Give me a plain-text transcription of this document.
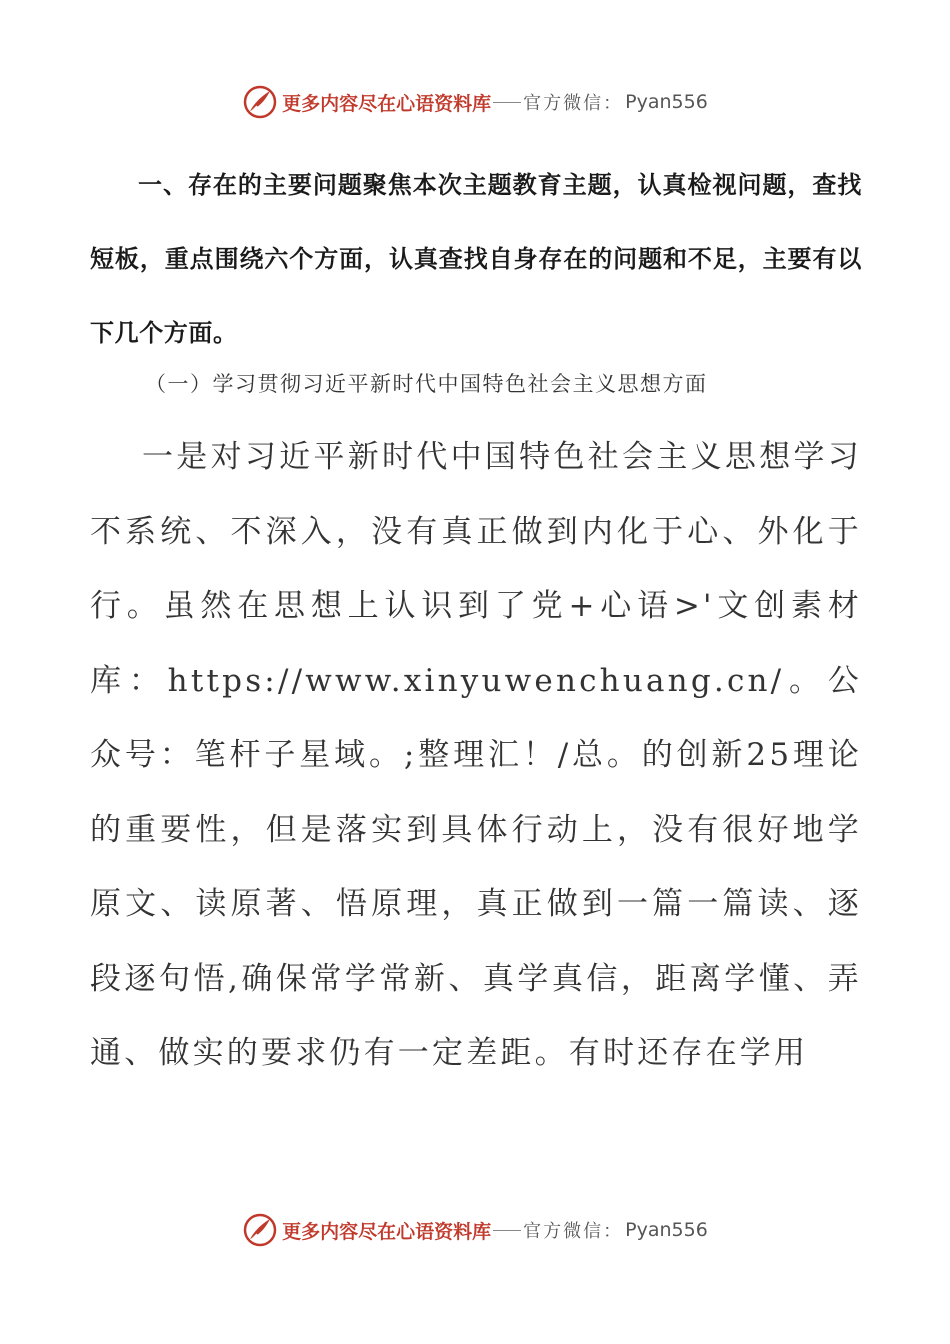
更多内容尽在心语资料库 官方微信： Pyan556
一、存在的主要问题聚焦本次主题教育主题，认真检视问题，查找短板，重点围绕六个方面，认真查找自身存在的问题和不足，主要有以下几个方面。
（一）学习贯彻习近平新时代中国特色社会主义思想方面
一是对习近平新时代中国特色社会主义思想学习不系统、不深入，没有真正做到内化于心、外化于行。虽然在思想上认识到了党+心语>'文创素材库：https://www.xinyuwenchuang.cn/。公众号：笔杆子星域。;整理汇！/总。的创新25理论的重要性，但是落实到具体行动上，没有很好地学原文、读原著、悟原理，真正做到一篇一篇读、逐段逐句悟,确保常学常新、真学真信，距离学懂、弄通、做实的要求仍有一定差距。有时还存在学用
更多内容尽在心语资料库 官方微信： Pyan556
